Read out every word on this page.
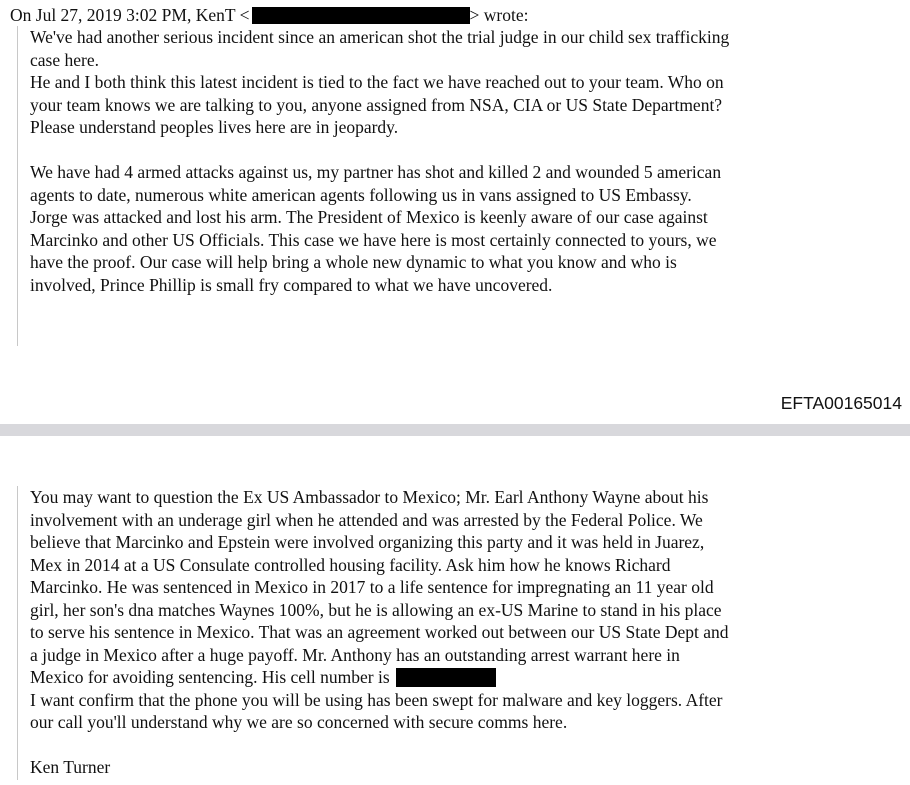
On Jul 27, 2019 3:02 PM, KenT <	> wrote:

We've had another serious incident since an american shot the trial judge in our child sex trafficking
case here.
He and I both think this latest incident is tied to the fact we have reached out to your team. Who on
your team knows we are talking to you, anyone assigned from NSA, CIA or US State Department?
Please understand peoples lives here are in jeopardy.

We have had 4 armed attacks against us, my partner has shot and killed 2 and wounded 5 american
agents to date, numerous white american agents following us in vans assigned to US Embassy.
Jorge was attacked and lost his arm. The President of Mexico is keenly aware of our case against
Marcinko and other US Officials. This case we have here is most certainly connected to yours, we
have the proof. Our case will help bring a whole new dynamic to what you know and who is
involved, Prince Phillip is small fry compared to what we have uncovered.

EFTA00165014

You may want to question the Ex US Ambassador to Mexico; Mr. Earl Anthony Wayne about his
involvement with an underage girl when he attended and was arrested by the Federal Police. We
believe that Marcinko and Epstein were involved organizing this party and it was held in Juarez,
Mex in 2014 at a US Consulate controlled housing facility. Ask him how he knows Richard
Marcinko. He was sentenced in Mexico in 2017 to a life sentence for impregnating an 11 year old
girl, her son's dna matches Waynes 100%, but he is allowing an ex-US Marine to stand in his place
to serve his sentence in Mexico. That was an agreement worked out between our US State Dept and
a judge in Mexico after a huge payoff. Mr. Anthony has an outstanding arrest warrant here in
Mexico for avoiding sentencing. His cell number is
I want confirm that the phone you will be using has been swept for malware and key loggers. After
our call you'll understand why we are so concerned with secure comms here.

Ken Turner
